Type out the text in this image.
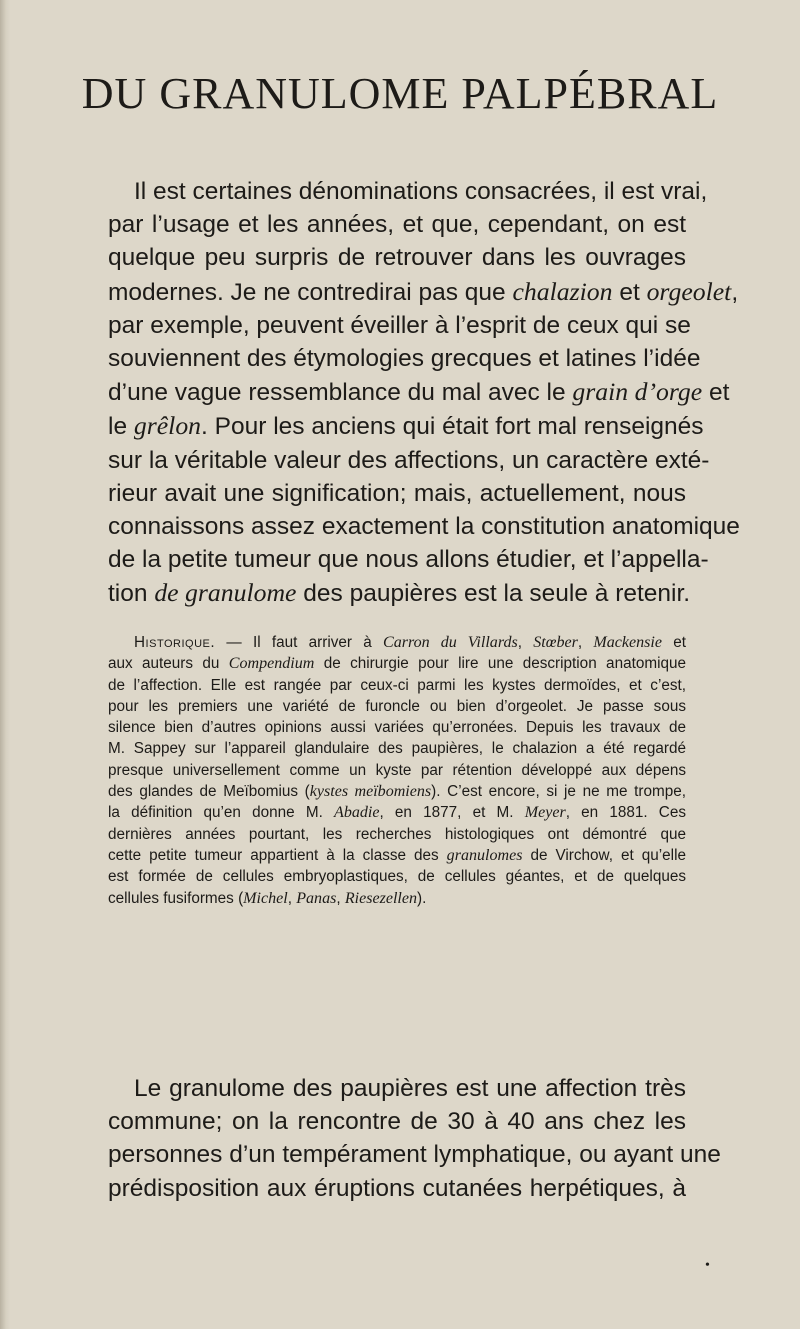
DU GRANULOME PALPÉBRAL

Il est certaines dénominations consacrées, il est vrai,
par l’usage et les années, et que, cependant, on est
quelque peu surpris de retrouver dans les ouvrages
modernes. Je ne contredirai pas que chalazion et orgeolet,
par exemple, peuvent éveiller à l’esprit de ceux qui se
souviennent des étymologies grecques et latines l’idée
d’une vague ressemblance du mal avec le grain d’orge et
le grêlon. Pour les anciens qui était fort mal renseignés
sur la véritable valeur des affections, un caractère exté-
rieur avait une signification; mais, actuellement, nous
connaissons assez exactement la constitution anatomique
de la petite tumeur que nous allons étudier, et l’appella-
tion de granulome des paupières est la seule à retenir.

Historique. — Il faut arriver à Carron du Villards, Stœber, Mackensie et
aux auteurs du Compendium de chirurgie pour lire une description anatomique
de l’affection. Elle est rangée par ceux-ci parmi les kystes dermoïdes, et c’est,
pour les premiers une variété de furoncle ou bien d’orgeolet. Je passe sous
silence bien d’autres opinions aussi variées qu’erronées. Depuis les travaux de
M. Sappey sur l’appareil glandulaire des paupières, le chalazion a été regardé
presque universellement comme un kyste par rétention développé aux dépens
des glandes de Meïbomius (kystes meïbomiens). C’est encore, si je ne me trompe,
la définition qu’en donne M. Abadie, en 1877, et M. Meyer, en 1881. Ces
dernières années pourtant, les recherches histologiques ont démontré que
cette petite tumeur appartient à la classe des granulomes de Virchow, et qu’elle
est formée de cellules embryoplastiques, de cellules géantes, et de quelques
cellules fusiformes (Michel, Panas, Riesezellen).

Le granulome des paupières est une affection très
commune; on la rencontre de 30 à 40 ans chez les
personnes d’un tempérament lymphatique, ou ayant une
prédisposition aux éruptions cutanées herpétiques, à

•
